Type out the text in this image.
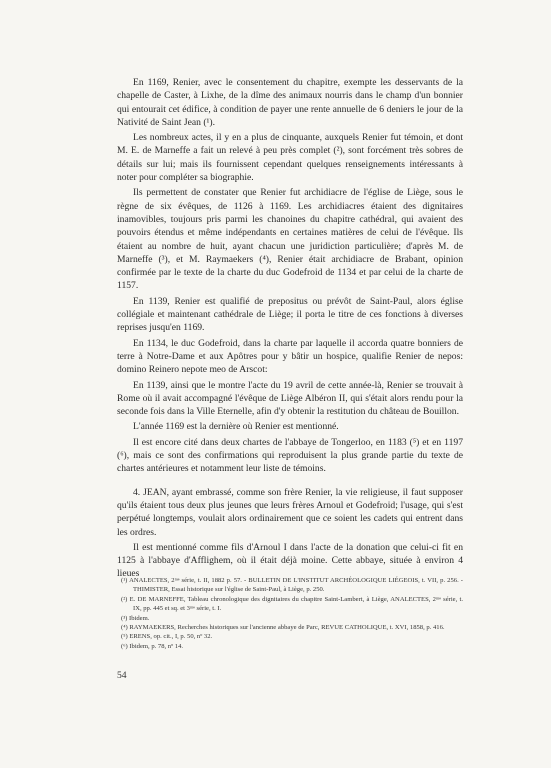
En 1169, Renier, avec le consentement du chapitre, exempte les desservants de la chapelle de Caster, à Lixhe, de la dîme des animaux nourris dans le champ d'un bonnier qui entourait cet édifice, à condition de payer une rente annuelle de 6 deniers le jour de la Nativité de Saint Jean (¹).

Les nombreux actes, il y en a plus de cinquante, auxquels Renier fut témoin, et dont M. E. de Marneffe a fait un relevé à peu près complet (²), sont forcément très sobres de détails sur lui; mais ils fournissent cependant quelques renseignements intéressants à noter pour compléter sa biographie.

Ils permettent de constater que Renier fut archidiacre de l'église de Liège, sous le règne de six évêques, de 1126 à 1169. Les archidiacres étaient des dignitaires inamovibles, toujours pris parmi les chanoines du chapitre cathédral, qui avaient des pouvoirs étendus et même indépendants en certaines matières de celui de l'évêque. Ils étaient au nombre de huit, ayant chacun une juridiction particulière; d'après M. de Marneffe (³), et M. Raymaekers (⁴), Renier était archidiacre de Brabant, opinion confirmée par le texte de la charte du duc Godefroid de 1134 et par celui de la charte de 1157.

En 1139, Renier est qualifié de prepositus ou prévôt de Saint-Paul, alors église collégiale et maintenant cathédrale de Liège; il porta le titre de ces fonctions à diverses reprises jusqu'en 1169.

En 1134, le duc Godefroid, dans la charte par laquelle il accorda quatre bonniers de terre à Notre-Dame et aux Apôtres pour y bâtir un hospice, qualifie Renier de nepos: domino Reinero nepote meo de Arscot:

En 1139, ainsi que le montre l'acte du 19 avril de cette année-là, Renier se trouvait à Rome où il avait accompagné l'évêque de Liège Albéron II, qui s'était alors rendu pour la seconde fois dans la Ville Eternelle, afin d'y obtenir la restitution du château de Bouillon.

L'année 1169 est la dernière où Renier est mentionné.

Il est encore cité dans deux chartes de l'abbaye de Tongerloo, en 1183 (⁵) et en 1197 (⁶), mais ce sont des confirmations qui reproduisent la plus grande partie du texte de chartes antérieures et notamment leur liste de témoins.

4. JEAN, ayant embrassé, comme son frère Renier, la vie religieuse, il faut supposer qu'ils étaient tous deux plus jeunes que leurs frères Arnoul et Godefroid; l'usage, qui s'est perpétué longtemps, voulait alors ordinairement que ce soient les cadets qui entrent dans les ordres.

Il est mentionné comme fils d'Arnoul I dans l'acte de la donation que celui-ci fit en 1125 à l'abbaye d'Afflighem, où il était déjà moine. Cette abbaye, située à environ 4 lieues

(¹) ANALECTES, 2ᵐᵉ série, t. II, 1882 p. 57. - BULLETIN DE L'INSTITUT ARCHÉOLOGIQUE LIÉGEOIS, t. VII, p. 256. - THIMISTER, Essai historique sur l'église de Saint-Paul, à Liège, p. 250.

(²) E. DE MARNEFFE, Tableau chronologique des dignitaires du chapitre Saint-Lambert, à Liège, ANALECTES, 2ᵐᵉ série, t. IX, pp. 445 et sq. et 3ᵐᵉ série, t. I.

(³) Ibidem.

(⁴) RAYMAEKERS, Recherches historiques sur l'ancienne abbaye de Parc, REVUE CATHOLIQUE, t. XVI, 1858, p. 416.

(⁵) ERENS, op. cit., I, p. 50, nº 32.

(⁶) Ibidem, p. 78, nº 14.

54
